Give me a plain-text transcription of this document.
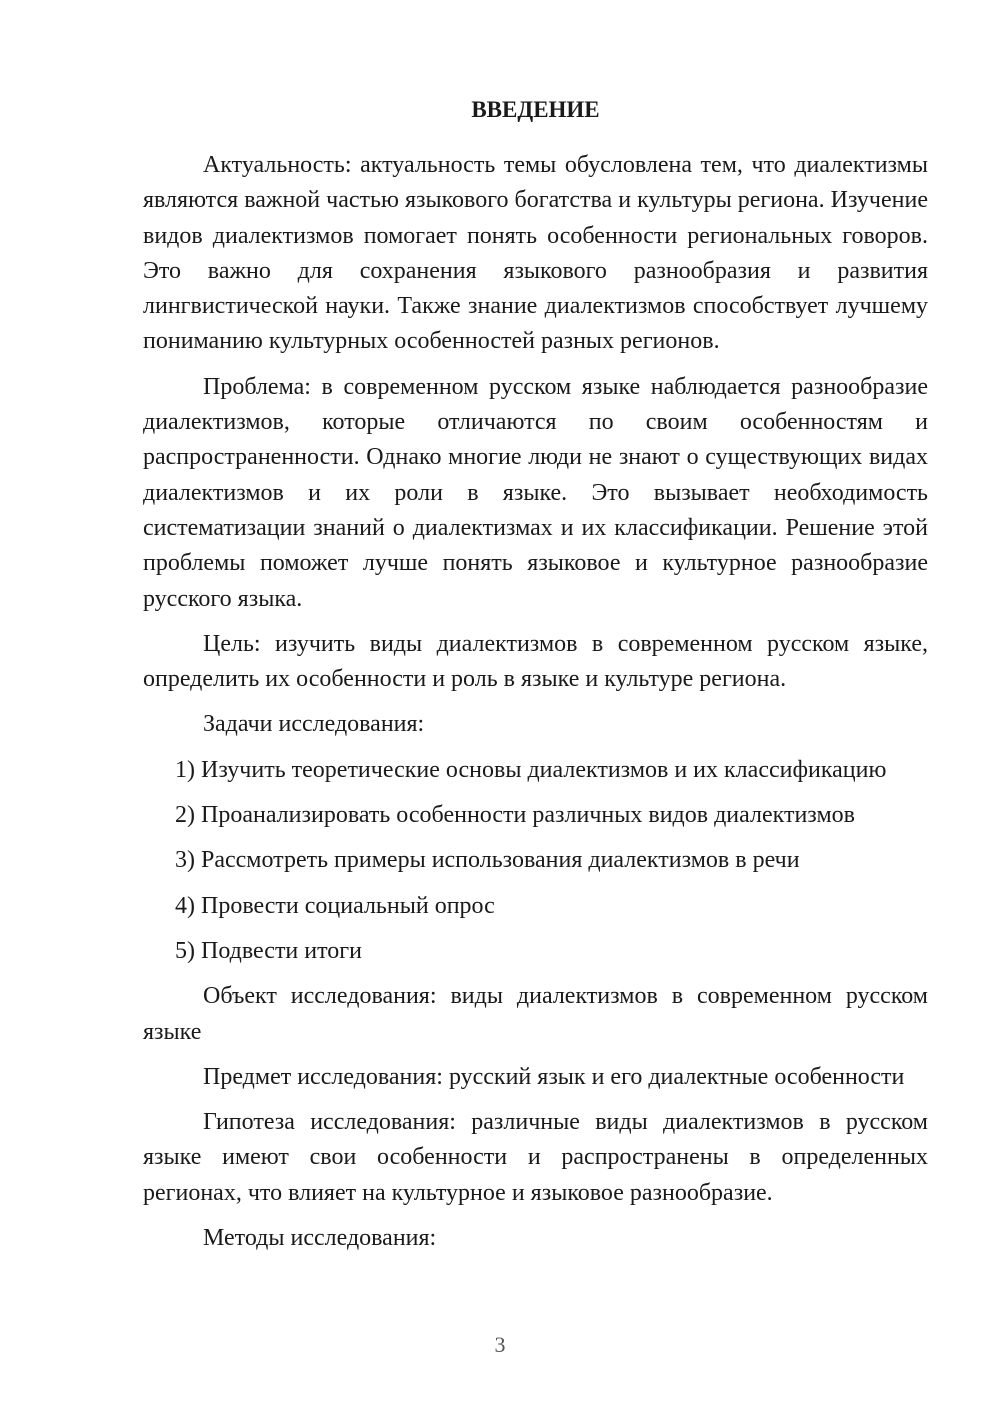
ВВЕДЕНИЕ

Актуальность: актуальность темы обусловлена тем, что диалектизмы являются важной частью языкового богатства и культуры региона. Изучение видов диалектизмов помогает понять особенности региональных говоров. Это важно для сохранения языкового разнообразия и развития лингвистической науки. Также знание диалектизмов способствует лучшему пониманию культурных особенностей разных регионов.

Проблема: в современном русском языке наблюдается разнообразие диалектизмов, которые отличаются по своим особенностям и распространенности. Однако многие люди не знают о существующих видах диалектизмов и их роли в языке. Это вызывает необходимость систематизации знаний о диалектизмах и их классификации. Решение этой проблемы поможет лучше понять языковое и культурное разнообразие русского языка.

Цель: изучить виды диалектизмов в современном русском языке, определить их особенности и роль в языке и культуре региона.

Задачи исследования:

1) Изучить теоретические основы диалектизмов и их классификацию
2) Проанализировать особенности различных видов диалектизмов
3) Рассмотреть примеры использования диалектизмов в речи
4) Провести социальный опрос
5) Подвести итоги

Объект исследования: виды диалектизмов в современном русском языке

Предмет исследования: русский язык и его диалектные особенности

Гипотеза исследования: различные виды диалектизмов в русском языке имеют свои особенности и распространены в определенных регионах, что влияет на культурное и языковое разнообразие.

Методы исследования:

3
